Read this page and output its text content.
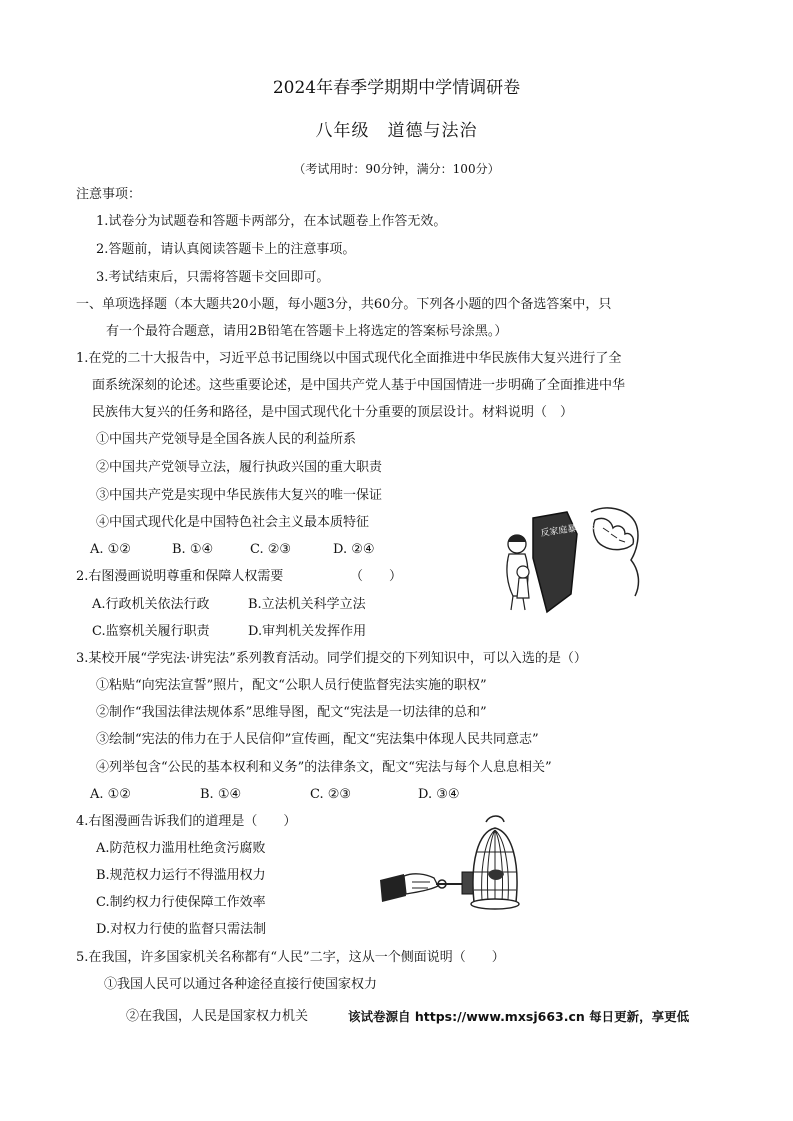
2024年春季学期期中学情调研卷
八年级　道德与法治
（考试用时：90分钟，满分：100分）
注意事项：
1.试卷分为试题卷和答题卡两部分，在本试题卷上作答无效。
2.答题前，请认真阅读答题卡上的注意事项。
3.考试结束后，只需将答题卡交回即可。
一、单项选择题（本大题共20小题，每小题3分，共60分。下列各小题的四个备选答案中，只
有一个最符合题意，请用2B铅笔在答题卡上将选定的答案标号涂黑。）
1.在党的二十大报告中，习近平总书记围绕以中国式现代化全面推进中华民族伟大复兴进行了全
面系统深刻的论述。这些重要论述，是中国共产党人基于中国国情进一步明确了全面推进中华
民族伟大复兴的任务和路径，是中国式现代化十分重要的顶层设计。材料说明（　）
①中国共产党领导是全国各族人民的利益所系
②中国共产党领导立法，履行执政兴国的重大职责
③中国共产党是实现中华民族伟大复兴的唯一保证
④中国式现代化是中国特色社会主义最本质特征
A. ①②	B. ①④	C. ②③	D. ②④
2.右图漫画说明尊重和保障人权需要	（　　）
A.行政机关依法行政	B.立法机关科学立法
C.监察机关履行职责	D.审判机关发挥作用
反家庭暴力法
3.某校开展“学宪法·讲宪法”系列教育活动。同学们提交的下列知识中，可以入选的是（）
①粘贴“向宪法宣誓”照片，配文“公职人员行使监督宪法实施的职权”
②制作“我国法律法规体系”思维导图，配文“宪法是一切法律的总和”
③绘制“宪法的伟力在于人民信仰”宣传画，配文“宪法集中体现人民共同意志”
④列举包含“公民的基本权利和义务”的法律条文，配文“宪法与每个人息息相关”
A. ①②	B. ①④	C. ②③	D. ③④
4.右图漫画告诉我们的道理是（　　）
A.防范权力滥用杜绝贪污腐败
B.规范权力运行不得滥用权力
C.制约权力行使保障工作效率
D.对权力行使的监督只需法制
5.在我国，许多国家机关名称都有“人民”二字，这从一个侧面说明（　　）
①我国人民可以通过各种途径直接行使国家权力
②在我国，人民是国家权力机关	该试卷源自 https://www.mxsj663.cn 每日更新，享更低
